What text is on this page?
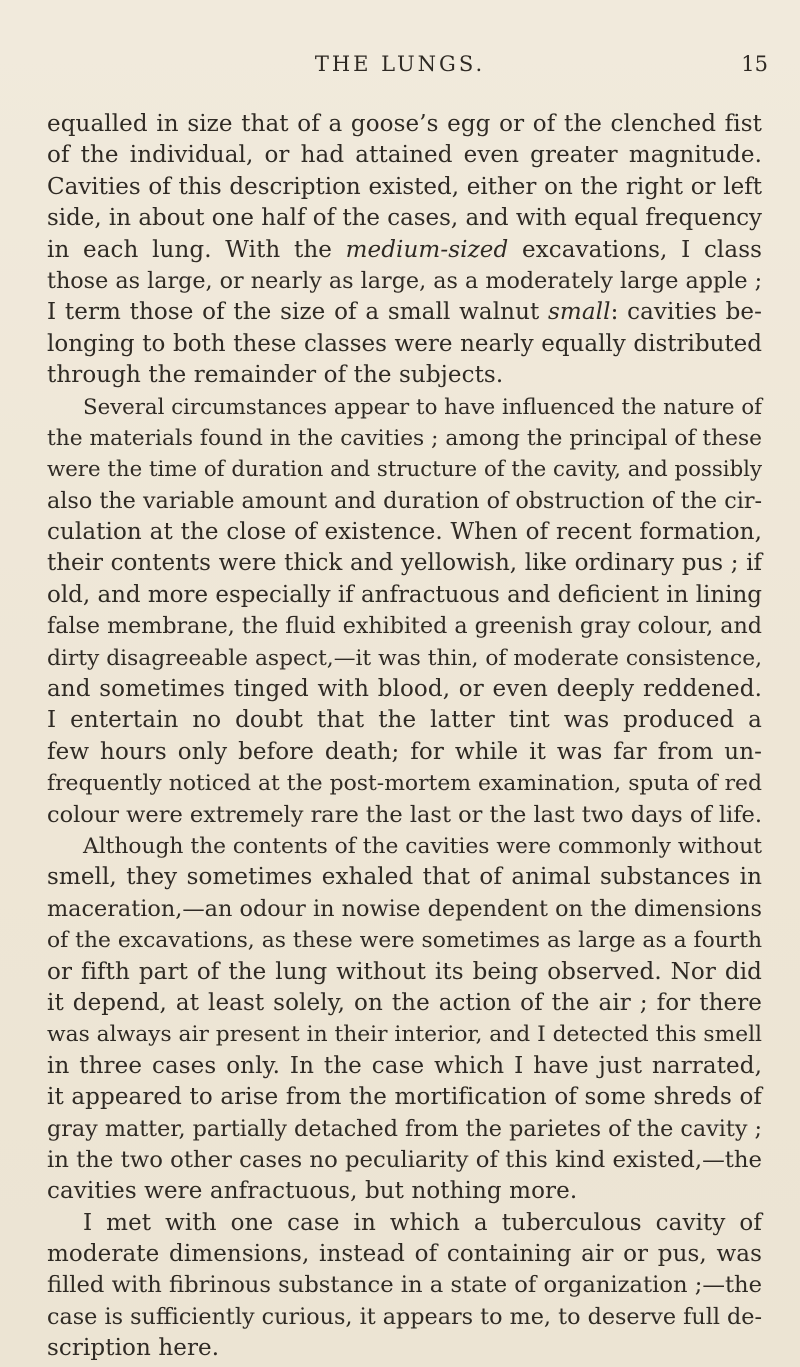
THE LUNGS.	15
equalled in size that of a goose’s egg or of the clenched fist
of the individual, or had attained even greater magnitude.
Cavities of this description existed, either on the right or left
side, in about one half of the cases, and with equal frequency
in each lung. With the medium-sized excavations, I class
those as large, or nearly as large, as a moderately large apple ;
I term those of the size of a small walnut small: cavities be-
longing to both these classes were nearly equally distributed
through the remainder of the subjects.
Several circumstances appear to have influenced the nature of
the materials found in the cavities ; among the principal of these
were the time of duration and structure of the cavity, and possibly
also the variable amount and duration of obstruction of the cir-
culation at the close of existence. When of recent formation,
their contents were thick and yellowish, like ordinary pus ; if
old, and more especially if anfractuous and deficient in lining
false membrane, the fluid exhibited a greenish gray colour, and
dirty disagreeable aspect,—it was thin, of moderate consistence,
and sometimes tinged with blood, or even deeply reddened.
I entertain no doubt that the latter tint was produced a
few hours only before death; for while it was far from un-
frequently noticed at the post-mortem examination, sputa of red
colour were extremely rare the last or the last two days of life.
Although the contents of the cavities were commonly without
smell, they sometimes exhaled that of animal substances in
maceration,—an odour in nowise dependent on the dimensions
of the excavations, as these were sometimes as large as a fourth
or fifth part of the lung without its being observed. Nor did
it depend, at least solely, on the action of the air ; for there
was always air present in their interior, and I detected this smell
in three cases only. In the case which I have just narrated,
it appeared to arise from the mortification of some shreds of
gray matter, partially detached from the parietes of the cavity ;
in the two other cases no peculiarity of this kind existed,—the
cavities were anfractuous, but nothing more.
I met with one case in which a tuberculous cavity of
moderate dimensions, instead of containing air or pus, was
filled with fibrinous substance in a state of organization ;—the
case is sufficiently curious, it appears to me, to deserve full de-
scription here.
